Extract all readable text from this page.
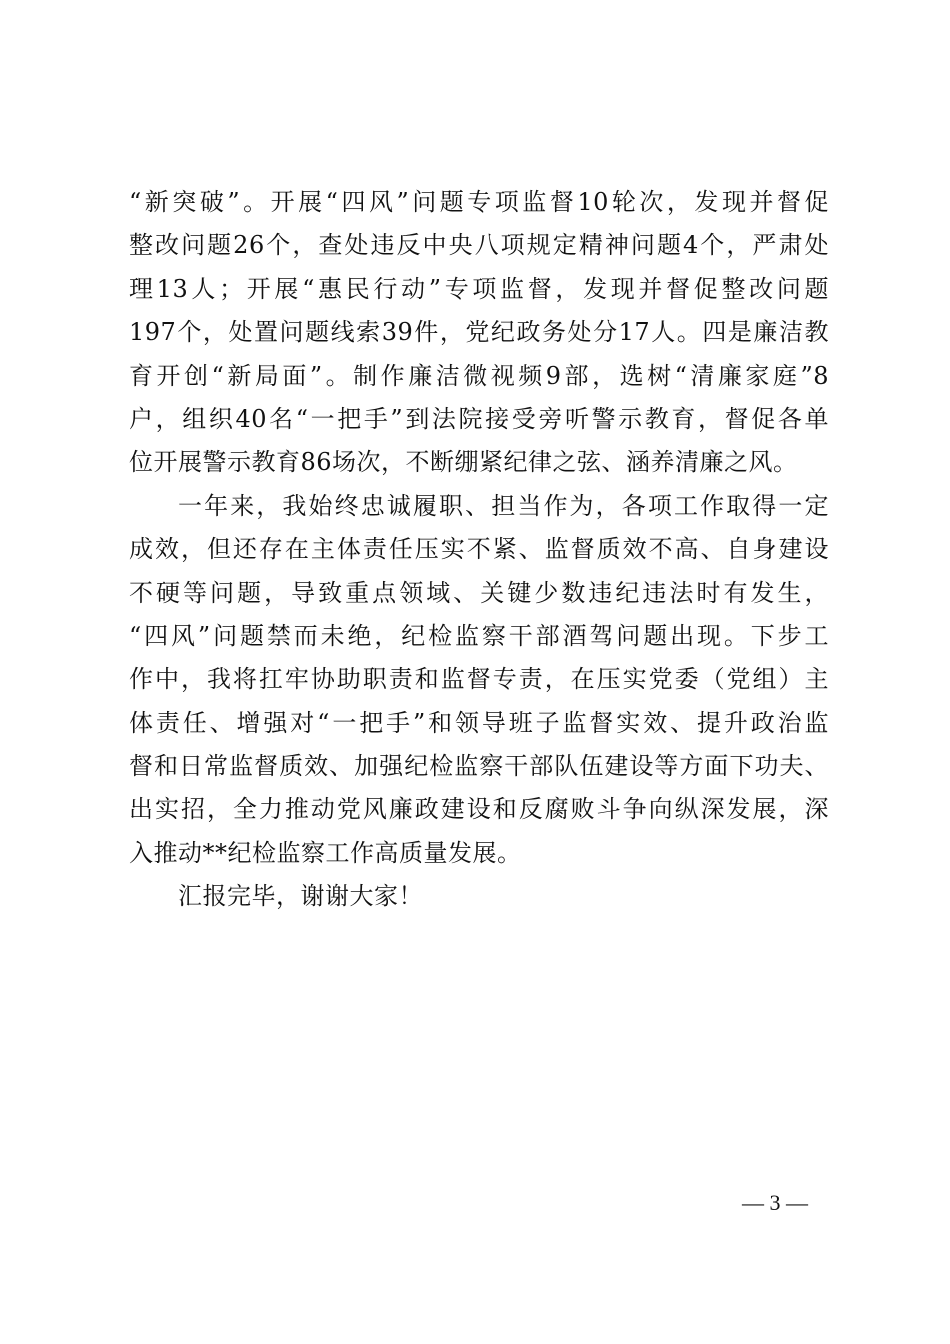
“新突破”。开展“四风”问题专项监督10轮次，发现并督促
整改问题26个，查处违反中央八项规定精神问题4个，严肃处
理13人；开展“惠民行动”专项监督，发现并督促整改问题
197个，处置问题线索39件，党纪政务处分17人。四是廉洁教
育开创“新局面”。制作廉洁微视频9部，选树“清廉家庭”8
户，组织40名“一把手”到法院接受旁听警示教育，督促各单
位开展警示教育86场次，不断绷紧纪律之弦、涵养清廉之风。
一年来，我始终忠诚履职、担当作为，各项工作取得一定
成效，但还存在主体责任压实不紧、监督质效不高、自身建设
不硬等问题，导致重点领域、关键少数违纪违法时有发生，
“四风”问题禁而未绝，纪检监察干部酒驾问题出现。下步工
作中，我将扛牢协助职责和监督专责，在压实党委（党组）主
体责任、增强对“一把手”和领导班子监督实效、提升政治监
督和日常监督质效、加强纪检监察干部队伍建设等方面下功夫、
出实招，全力推动党风廉政建设和反腐败斗争向纵深发展，深
入推动**纪检监察工作高质量发展。
汇报完毕，谢谢大家！
— 3 —
